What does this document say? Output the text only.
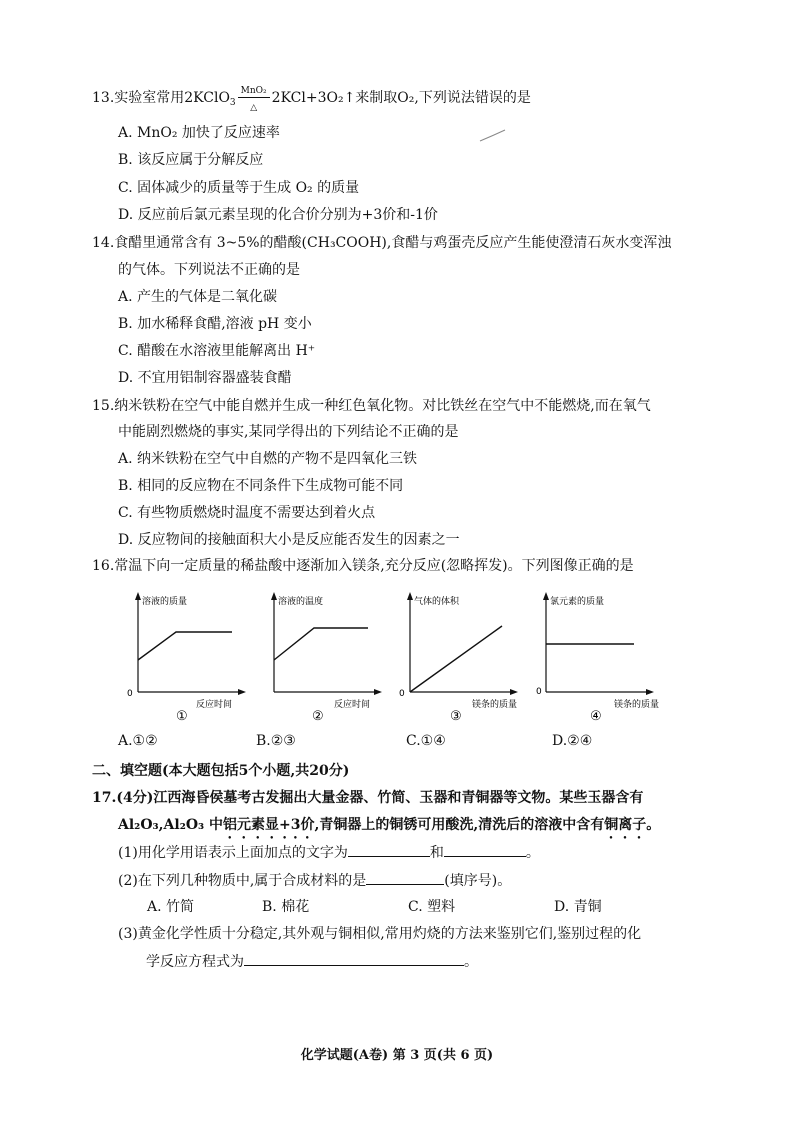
13.实验室常用2KClO$_3$
MnO₂
△
2KCl+3O₂↑来制取O₂,下列说法错误的是
A. MnO₂ 加快了反应速率
B. 该反应属于分解反应
C. 固体减少的质量等于生成 O₂ 的质量
D. 反应前后氯元素呈现的化合价分别为+3价和-1价
14.食醋里通常含有 3~5%的醋酸(CH₃COOH),食醋与鸡蛋壳反应产生能使澄清石灰水变浑浊
的气体。下列说法不正确的是
A. 产生的气体是二氧化碳
B. 加水稀释食醋,溶液 pH 变小
C. 醋酸在水溶液里能解离出 H⁺
D. 不宜用铝制容器盛装食醋
15.纳米铁粉在空气中能自燃并生成一种红色氧化物。对比铁丝在空气中不能燃烧,而在氧气
中能剧烈燃烧的事实,某同学得出的下列结论不正确的是
A. 纳米铁粉在空气中自燃的产物不是四氧化三铁
B. 相同的反应物在不同条件下生成物可能不同
C. 有些物质燃烧时温度不需要达到着火点
D. 反应物间的接触面积大小是反应能否发生的因素之一
16.常温下向一定质量的稀盐酸中逐渐加入镁条,充分反应(忽略挥发)。下列图像正确的是
溶液的质量
0
反应时间
①
溶液的温度
反应时间
②
气体的体积
0
镁条的质量
③
氯元素的质量
0
镁条的质量
④
A.①②	B.②③	C.①④	D.②④
二、填空题(本大题包括5个小题,共20分)
17.(4分)江西海昏侯墓考古发掘出大量金器、竹简、玉器和青铜器等文物。某些玉器含有
Al₂O₃,Al₂O₃ 中铝元素显+3价,青铜器上的铜锈可用酸洗,清洗后的溶液中含有铜离子。
(1)用化学用语表示上面加点的文字为	和	。
(2)在下列几种物质中,属于合成材料的是	(填序号)。
A. 竹简	B. 棉花	C. 塑料	D. 青铜
(3)黄金化学性质十分稳定,其外观与铜相似,常用灼烧的方法来鉴别它们,鉴别过程的化
学反应方程式为	。
化学试题(A卷) 第 3 页(共 6 页)
